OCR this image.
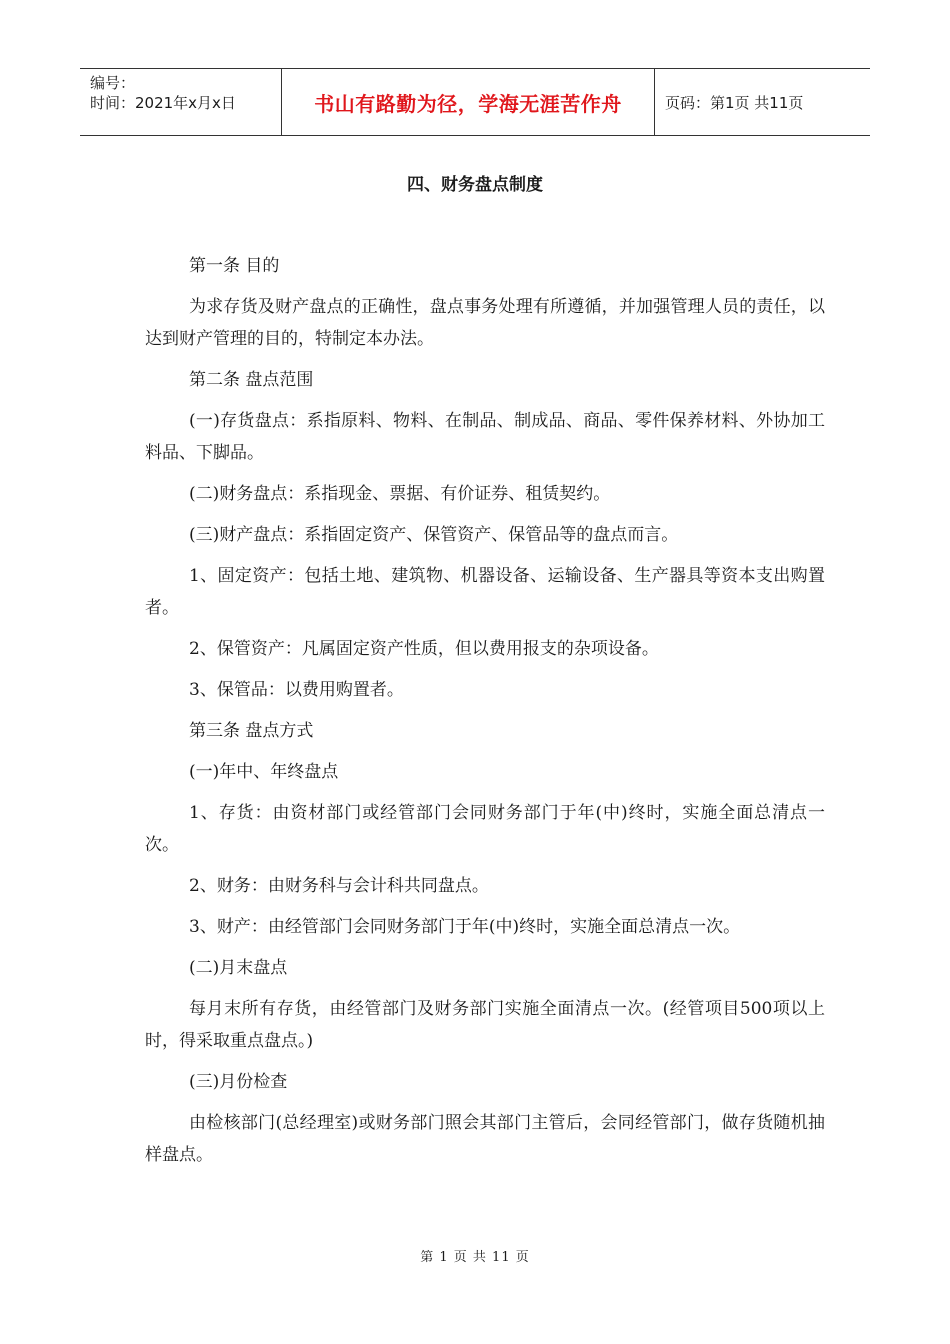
编号：
时间：2021年x月x日	书山有路勤为径，学海无涯苦作舟	页码：第1页 共11页
四、财务盘点制度

第一条 目的

为求存货及财产盘点的正确性，盘点事务处理有所遵循，并加强管理人员的责任，以达到财产管理的目的，特制定本办法。

第二条 盘点范围

(一)存货盘点：系指原料、物料、在制品、制成品、商品、零件保养材料、外协加工料品、下脚品。

(二)财务盘点：系指现金、票据、有价证券、租赁契约。

(三)财产盘点：系指固定资产、保管资产、保管品等的盘点而言。

1、固定资产：包括土地、建筑物、机器设备、运输设备、生产器具等资本支出购置者。

2、保管资产：凡属固定资产性质，但以费用报支的杂项设备。

3、保管品：以费用购置者。

第三条 盘点方式

(一)年中、年终盘点

1、存货：由资材部门或经管部门会同财务部门于年(中)终时，实施全面总清点一次。

2、财务：由财务科与会计科共同盘点。

3、财产：由经管部门会同财务部门于年(中)终时，实施全面总清点一次。

(二)月末盘点

每月末所有存货，由经管部门及财务部门实施全面清点一次。(经管项目500项以上时，得采取重点盘点。)

(三)月份检查

由检核部门(总经理室)或财务部门照会其部门主管后，会同经管部门，做存货随机抽样盘点。

第 1 页 共 11 页
